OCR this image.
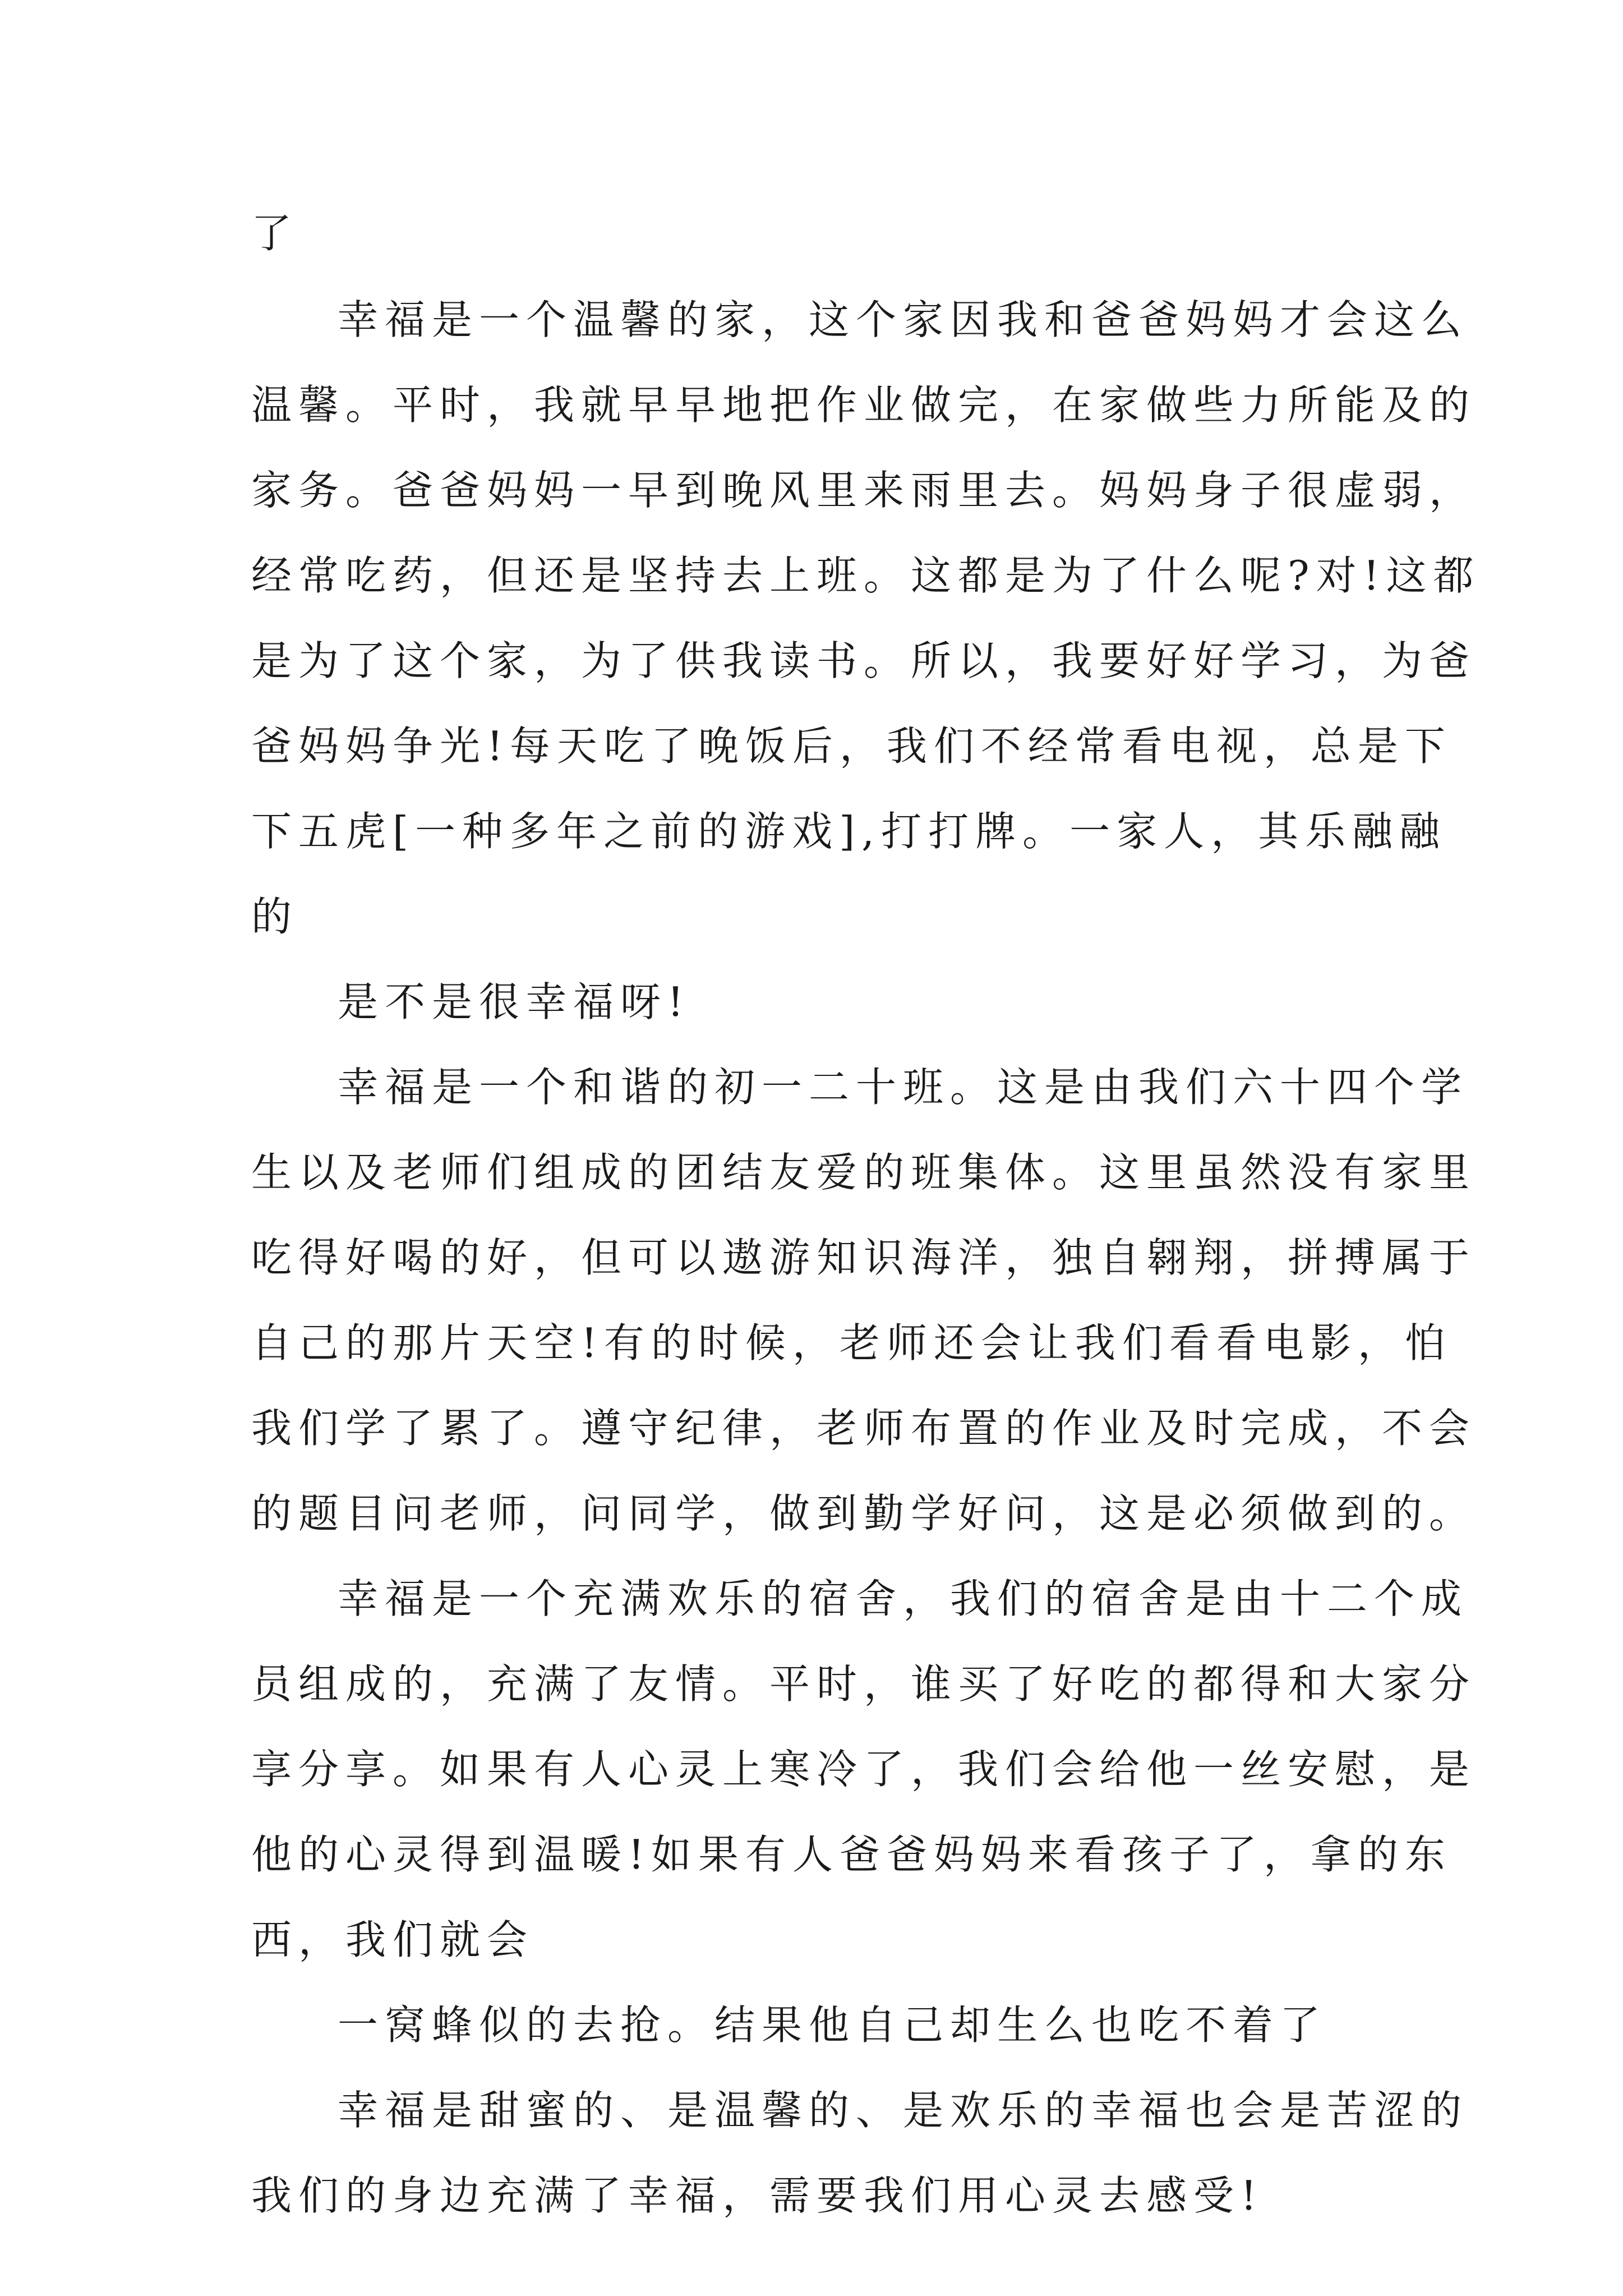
了
幸福是一个温馨的家，这个家因我和爸爸妈妈才会这么
温馨。平时，我就早早地把作业做完，在家做些力所能及的
家务。爸爸妈妈一早到晚风里来雨里去。妈妈身子很虚弱，
经常吃药，但还是坚持去上班。这都是为了什么呢?对!这都
是为了这个家，为了供我读书。所以，我要好好学习，为爸
爸妈妈争光!每天吃了晚饭后，我们不经常看电视，总是下
下五虎[一种多年之前的游戏],打打牌。一家人，其乐融融
的
是不是很幸福呀!
幸福是一个和谐的初一二十班。这是由我们六十四个学
生以及老师们组成的团结友爱的班集体。这里虽然没有家里
吃得好喝的好，但可以遨游知识海洋，独自翱翔，拼搏属于
自己的那片天空!有的时候，老师还会让我们看看电影，怕
我们学了累了。遵守纪律，老师布置的作业及时完成，不会
的题目问老师，问同学，做到勤学好问，这是必须做到的。
幸福是一个充满欢乐的宿舍，我们的宿舍是由十二个成
员组成的，充满了友情。平时，谁买了好吃的都得和大家分
享分享。如果有人心灵上寒冷了，我们会给他一丝安慰，是
他的心灵得到温暖!如果有人爸爸妈妈来看孩子了，拿的东
西，我们就会
一窝蜂似的去抢。结果他自己却生么也吃不着了
幸福是甜蜜的、是温馨的、是欢乐的幸福也会是苦涩的
我们的身边充满了幸福，需要我们用心灵去感受!
